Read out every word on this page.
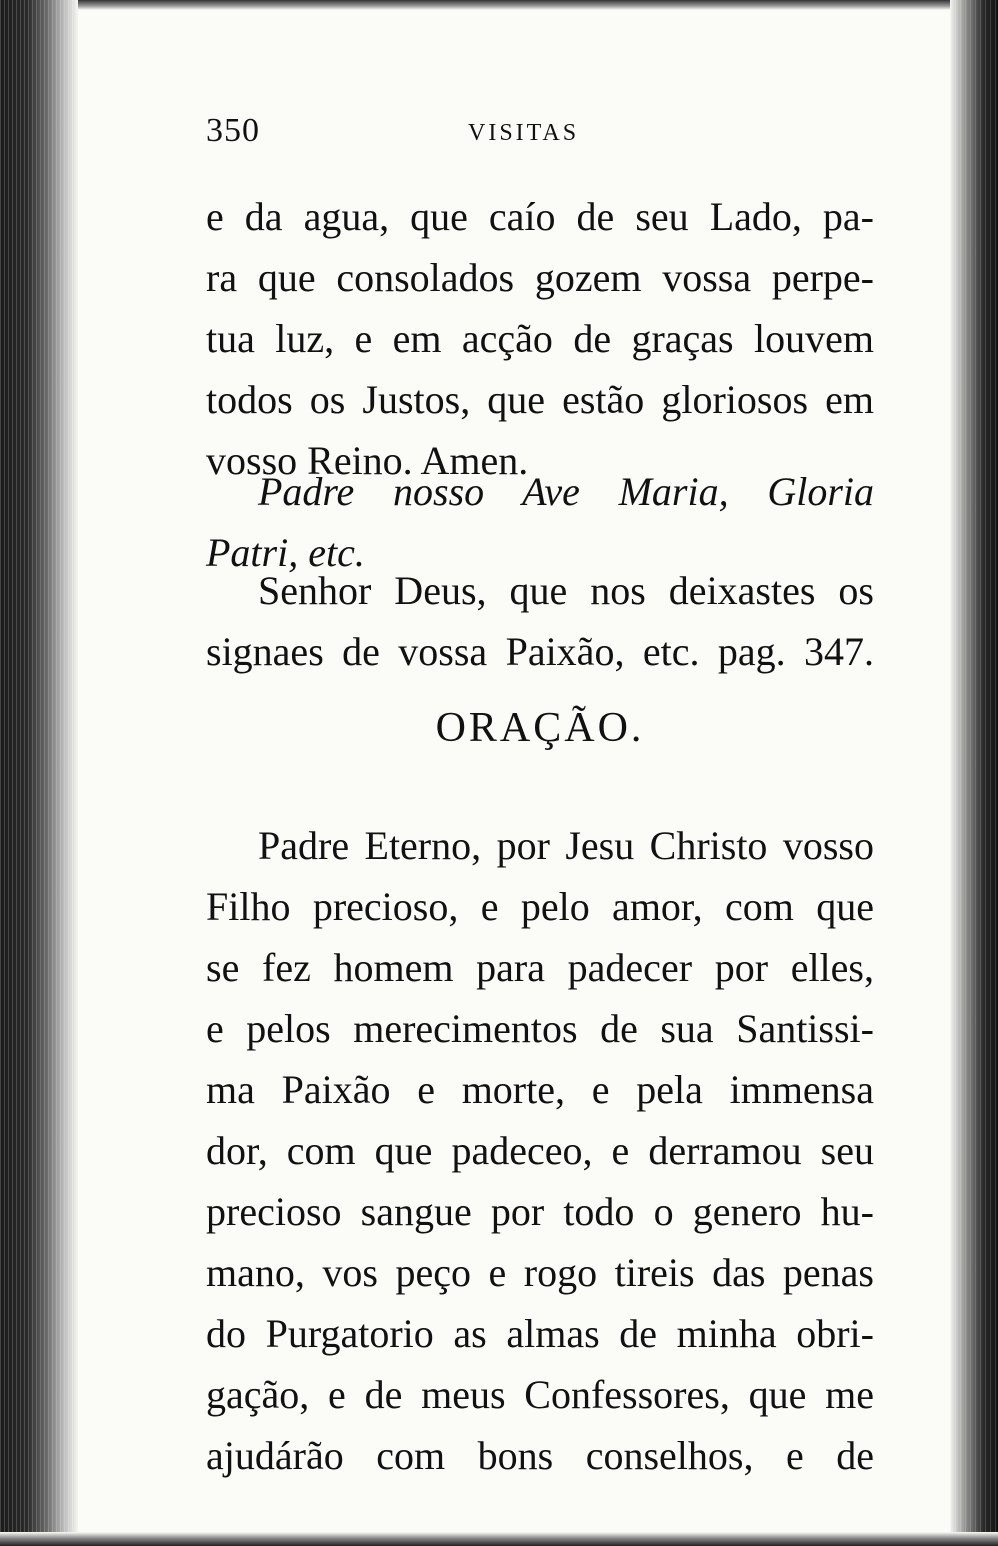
350	VISITAS
e da agua, que caío de seu Lado, pa-
ra que consolados gozem vossa perpe-
tua luz, e em acção de graças louvem
todos os Justos, que estão gloriosos em
vosso Reino. Amen.
Padre nosso Ave Maria, Gloria
Patri, etc.
Senhor Deus, que nos deixastes os
signaes de vossa Paixão, etc. pag. 347.
ORAÇÃO.
Padre Eterno, por Jesu Christo vosso
Filho precioso, e pelo amor, com que
se fez homem para padecer por elles,
e pelos merecimentos de sua Santissi-
ma Paixão e morte, e pela immensa
dor, com que padeceo, e derramou seu
precioso sangue por todo o genero hu-
mano, vos peço e rogo tireis das penas
do Purgatorio as almas de minha obri-
gação, e de meus Confessores, que me
ajudárão com bons conselhos, e de
